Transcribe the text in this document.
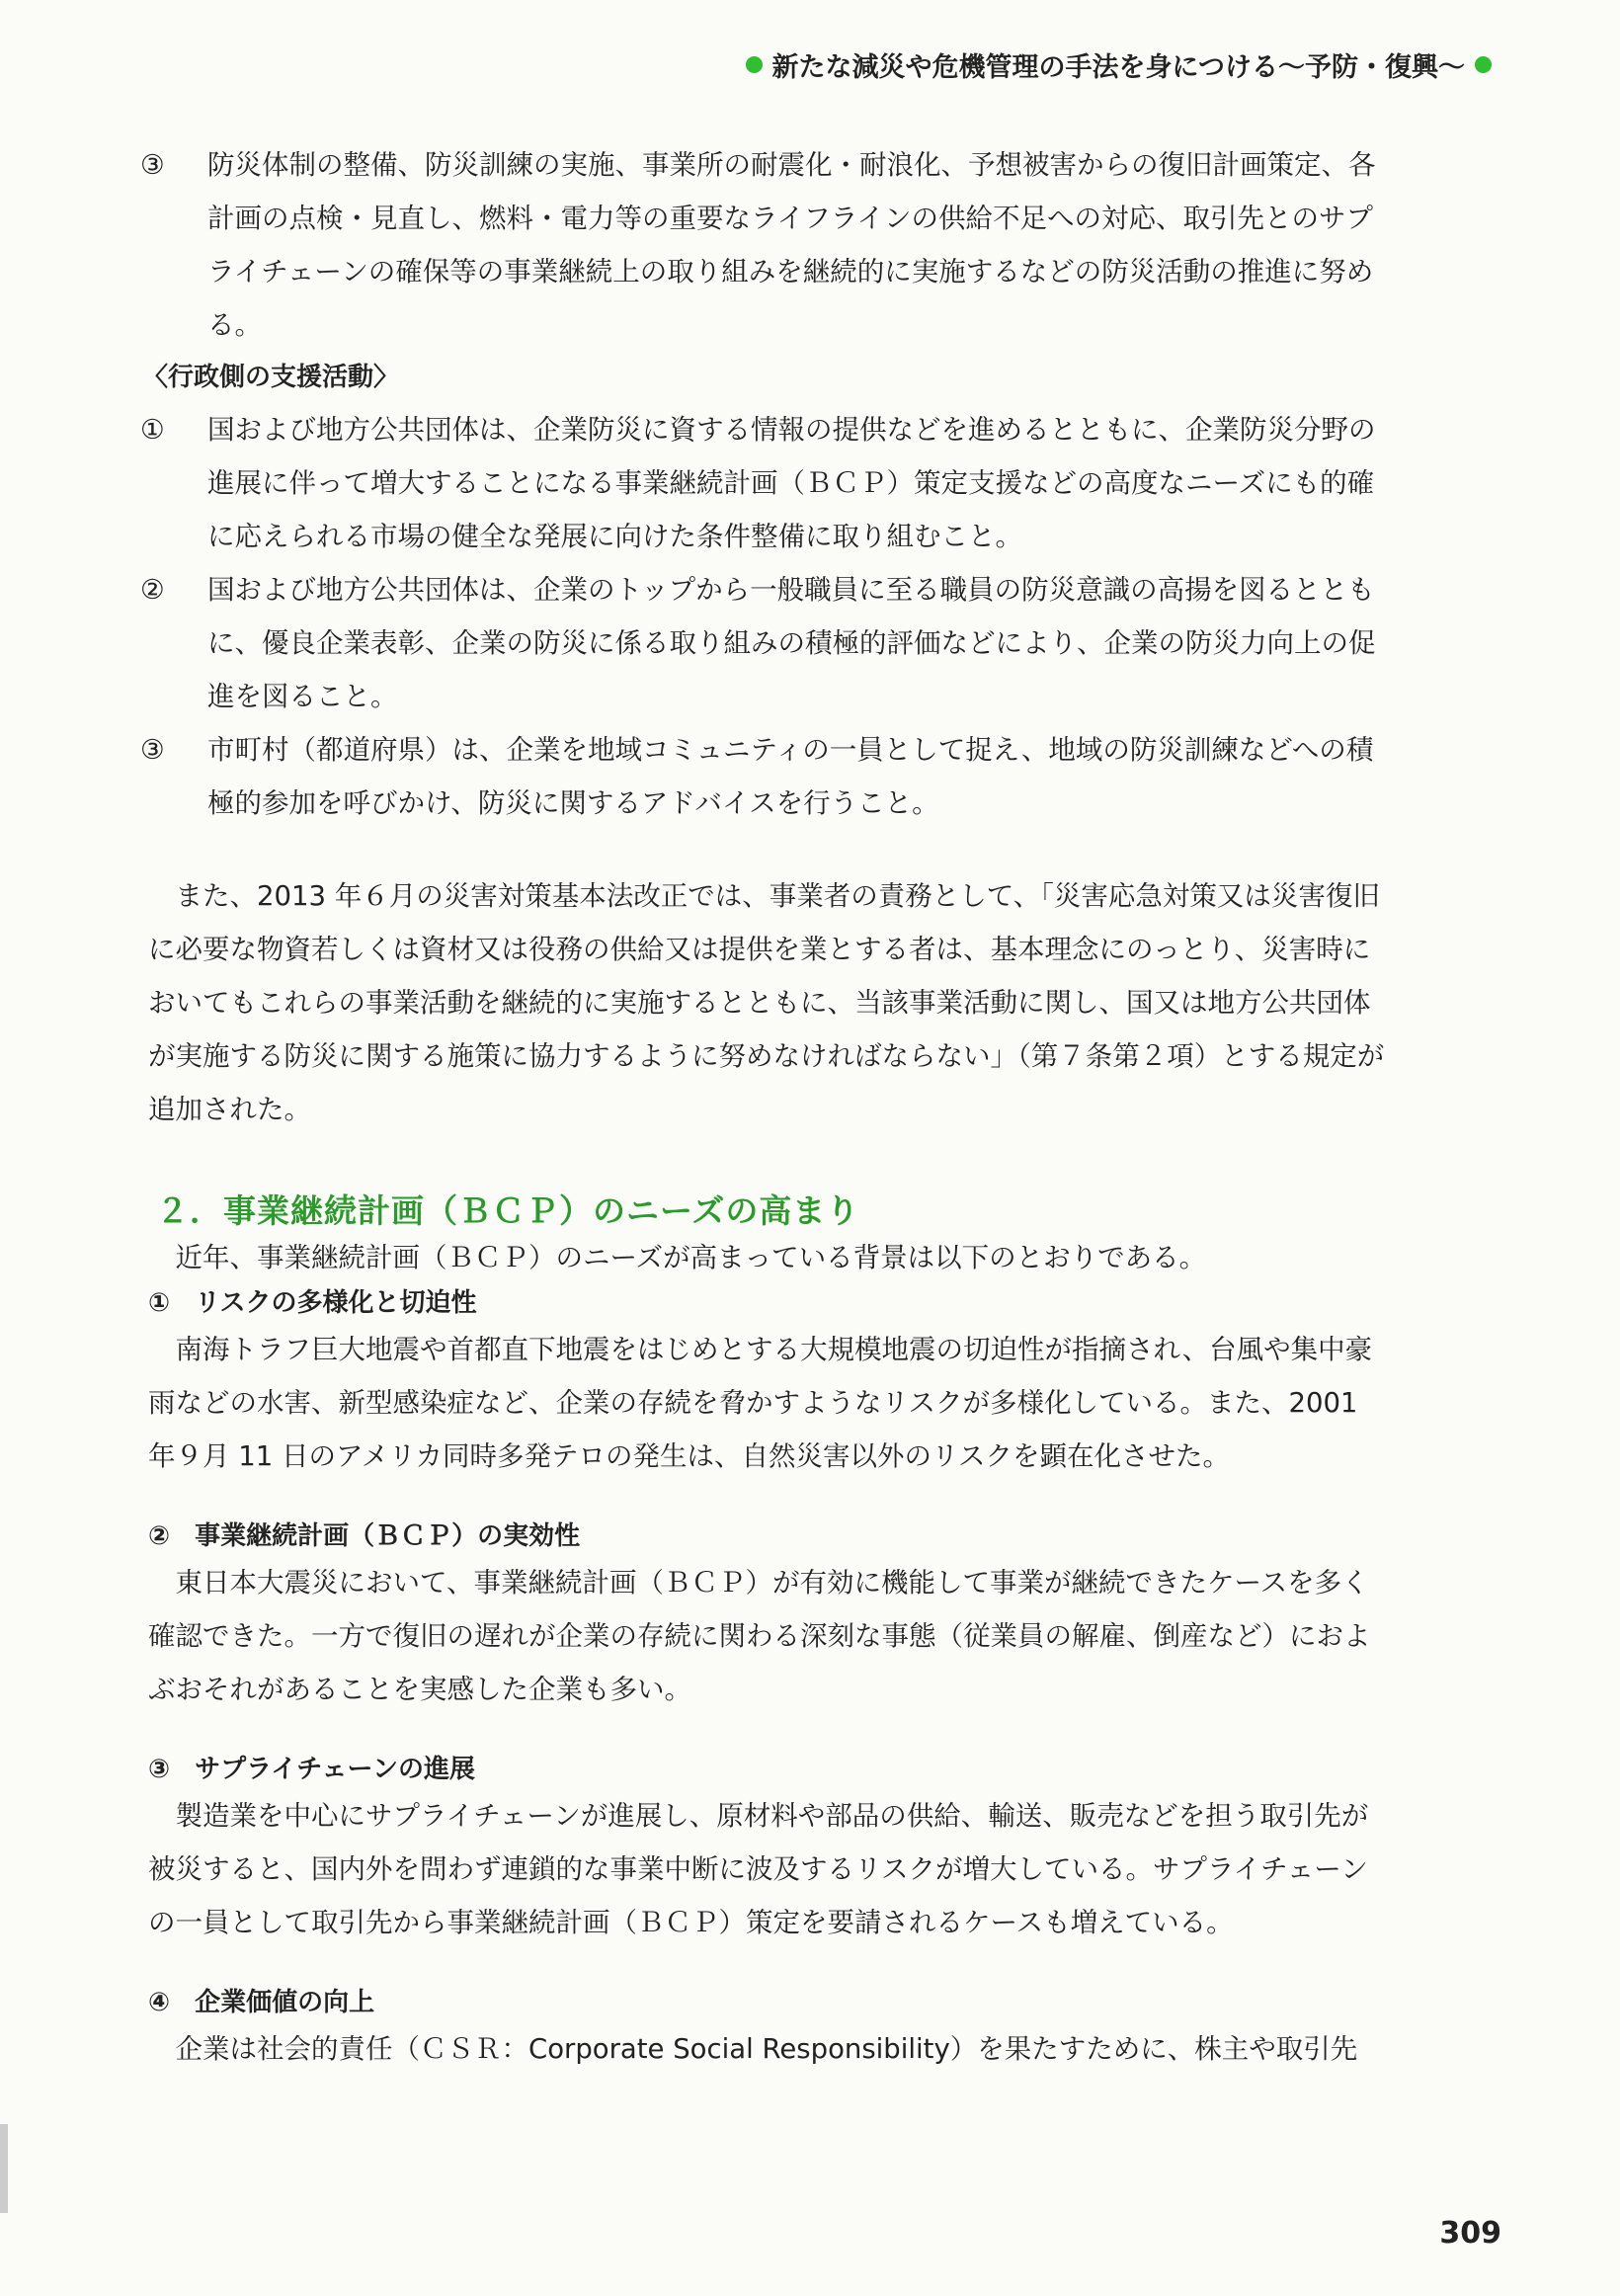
新たな減災や危機管理の手法を身につける〜予防・復興〜

③	防災体制の整備、防災訓練の実施、事業所の耐震化・耐浪化、予想被害からの復旧計画策定、各計画の点検・見直し、燃料・電力等の重要なライフラインの供給不足への対応、取引先とのサプライチェーンの確保等の事業継続上の取り組みを継続的に実施するなどの防災活動の推進に努める。

〈行政側の支援活動〉

①	国および地方公共団体は、企業防災に資する情報の提供などを進めるとともに、企業防災分野の進展に伴って増大することになる事業継続計画（ＢＣＰ）策定支援などの高度なニーズにも的確に応えられる市場の健全な発展に向けた条件整備に取り組むこと。

②	国および地方公共団体は、企業のトップから一般職員に至る職員の防災意識の高揚を図るとともに、優良企業表彰、企業の防災に係る取り組みの積極的評価などにより、企業の防災力向上の促進を図ること。

③	市町村（都道府県）は、企業を地域コミュニティの一員として捉え、地域の防災訓練などへの積極的参加を呼びかけ、防災に関するアドバイスを行うこと。

また、2013 年６月の災害対策基本法改正では、事業者の責務として、「災害応急対策又は災害復旧に必要な物資若しくは資材又は役務の供給又は提供を業とする者は、基本理念にのっとり、災害時においてもこれらの事業活動を継続的に実施するとともに、当該事業活動に関し、国又は地方公共団体が実施する防災に関する施策に協力するように努めなければならない」（第７条第２項）とする規定が追加された。

２．事業継続計画（ＢＣＰ）のニーズの高まり

近年、事業継続計画（ＢＣＰ）のニーズが高まっている背景は以下のとおりである。

① リスクの多様化と切迫性

南海トラフ巨大地震や首都直下地震をはじめとする大規模地震の切迫性が指摘され、台風や集中豪雨などの水害、新型感染症など、企業の存続を脅かすようなリスクが多様化している。また、2001 年９月 11 日のアメリカ同時多発テロの発生は、自然災害以外のリスクを顕在化させた。

② 事業継続計画（ＢＣＰ）の実効性

東日本大震災において、事業継続計画（ＢＣＰ）が有効に機能して事業が継続できたケースを多く確認できた。一方で復旧の遅れが企業の存続に関わる深刻な事態（従業員の解雇、倒産など）におよぶおそれがあることを実感した企業も多い。

③ サプライチェーンの進展

製造業を中心にサプライチェーンが進展し、原材料や部品の供給、輸送、販売などを担う取引先が被災すると、国内外を問わず連鎖的な事業中断に波及するリスクが増大している。サプライチェーンの一員として取引先から事業継続計画（ＢＣＰ）策定を要請されるケースも増えている。

④ 企業価値の向上

企業は社会的責任（ＣＳＲ：Corporate Social Responsibility）を果たすために、株主や取引先

309
